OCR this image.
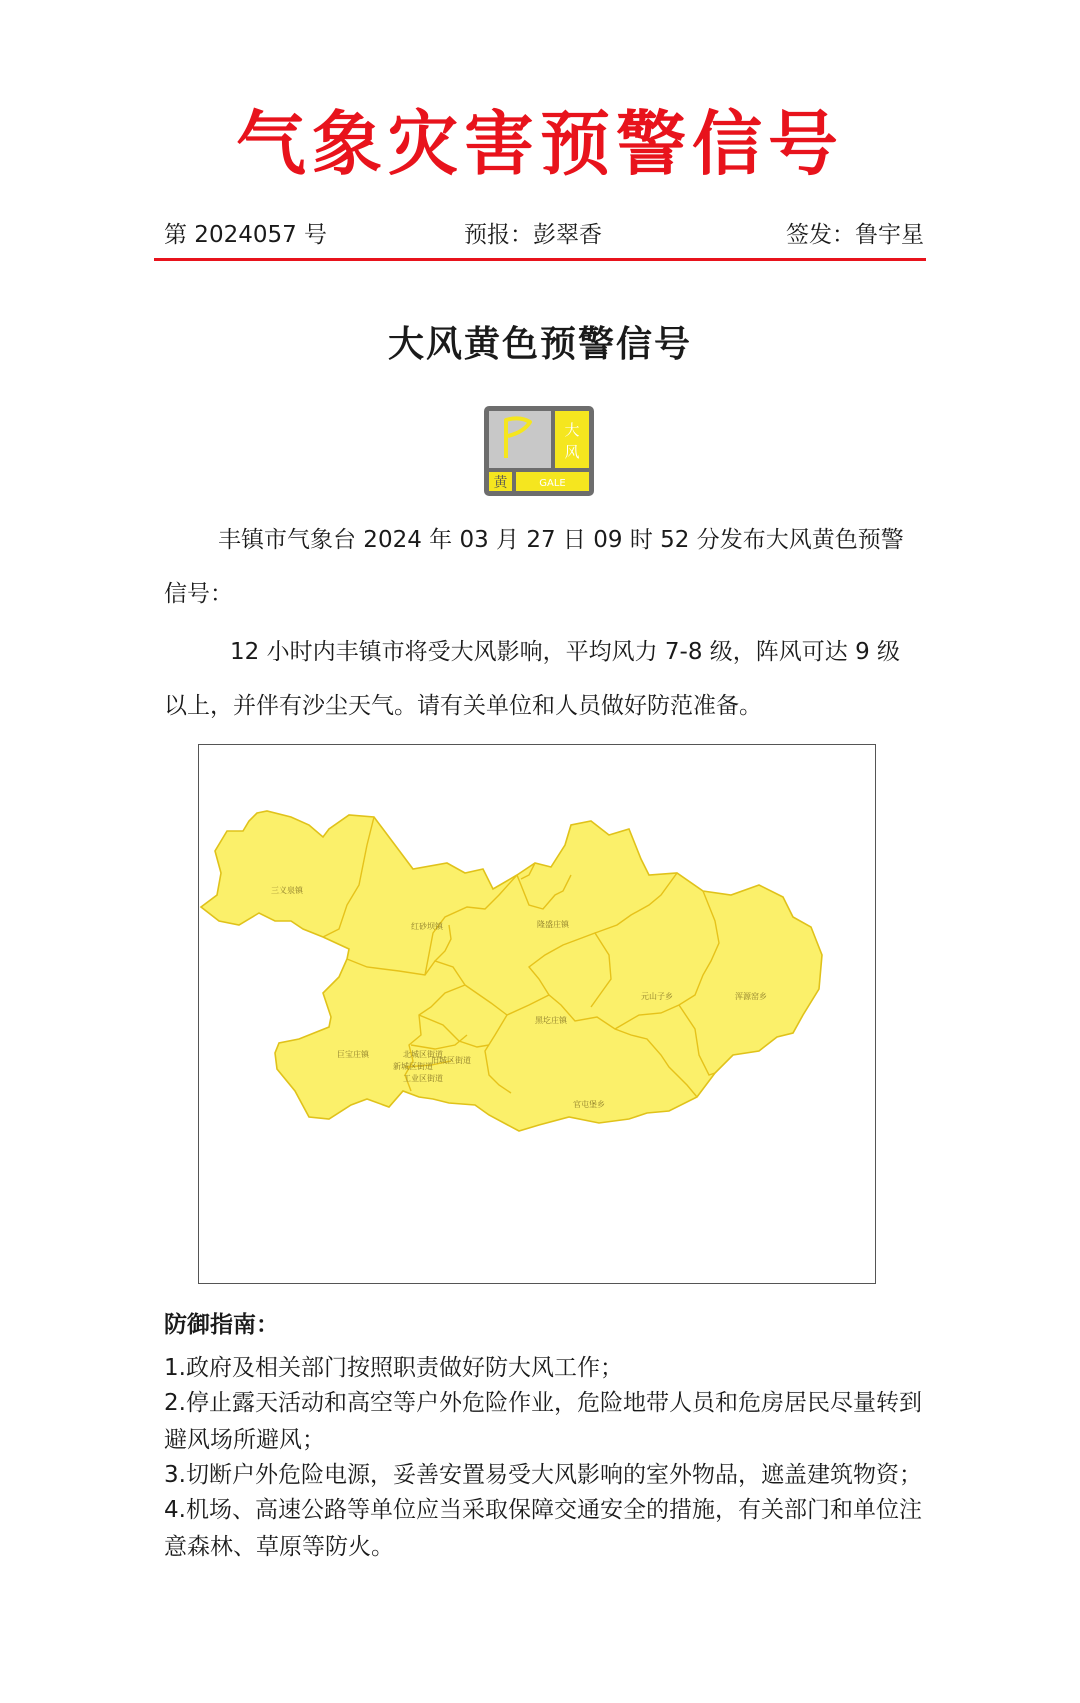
气象灾害预警信号
第 2024057 号	预报：彭翠香	签发：鲁宇星
大风黄色预警信号
大
风
黄	GALE
丰镇市气象台 2024 年 03 月 27 日 09 时 52 分发布大风黄色预警信号：
12 小时内丰镇市将受大风影响，平均风力 7-8 级，阵风可达 9 级以上，并伴有沙尘天气。请有关单位和人员做好防范准备。
三义泉镇
红砂坝镇
黑圪庄镇
元山子乡	浑源窑乡
隆盛庄镇
巨宝庄镇	北城区街道
新城区街道
旧城区街道
工业区街道
官屯堡乡
防御指南：
1.政府及相关部门按照职责做好防大风工作；
2.停止露天活动和高空等户外危险作业，危险地带人员和危房居民尽量转到避风场所避风；
3.切断户外危险电源，妥善安置易受大风影响的室外物品，遮盖建筑物资；
4.机场、高速公路等单位应当采取保障交通安全的措施，有关部门和单位注意森林、草原等防火。
